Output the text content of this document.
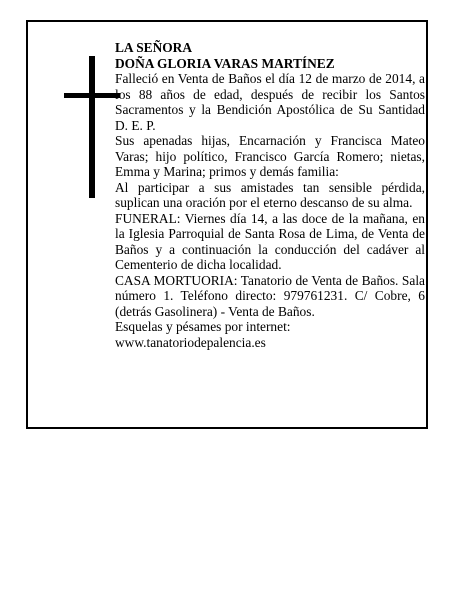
LA SEÑORA
DOÑA GLORIA VARAS MARTÍNEZ
Falleció en Venta de Baños el día 12 de marzo de 2014, a los 88 años de edad, después de recibir los Santos Sacramentos y la Bendición Apostólica de Su Santidad D. E. P.
Sus apenadas hijas, Encarnación y Francisca Mateo Varas; hijo político, Francisco García Romero; nietas, Emma y Marina; primos y demás familia:
Al participar a sus amistades tan sensible pérdida, suplican una oración por el eterno descanso de su alma.
FUNERAL: Viernes día 14, a las doce de la mañana, en la Iglesia Parroquial de Santa Rosa de Lima, de Venta de Baños y a continuación la conducción del cadáver al Cementerio de dicha localidad.
CASA MORTUORIA: Tanatorio de Venta de Baños. Sala número 1. Teléfono directo: 979761231. C/ Cobre, 6 (detrás Gasolinera) - Venta de Baños.
Esquelas y pésames por internet:
www.tanatoriodepalencia.es
